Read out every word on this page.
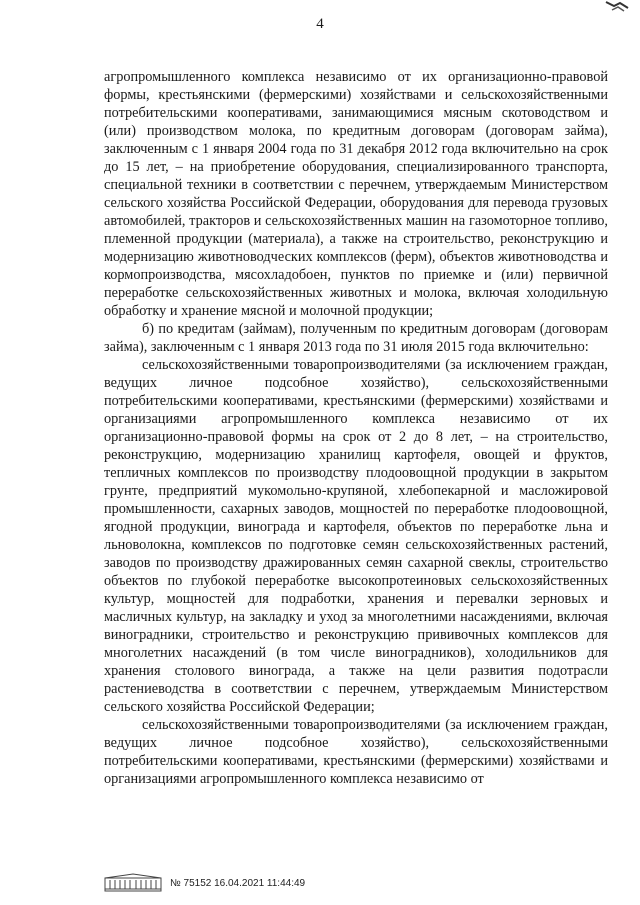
4

агропромышленного комплекса независимо от их организационно-правовой формы, крестьянскими (фермерскими) хозяйствами и сельскохозяйственными потребительскими кооперативами, занимающимися мясным скотоводством и (или) производством молока, по кредитным договорам (договорам займа), заключенным с 1 января 2004 года по 31 декабря 2012 года включительно на срок до 15 лет, – на приобретение оборудования, специализированного транспорта, специальной техники в соответствии с перечнем, утверждаемым Министерством сельского хозяйства Российской Федерации, оборудования для перевода грузовых автомобилей, тракторов и сельскохозяйственных машин на газомоторное топливо, племенной продукции (материала), а также на строительство, реконструкцию и модернизацию животноводческих комплексов (ферм), объектов животноводства и кормопроизводства, мясохладобоен, пунктов по приемке и (или) первичной переработке сельскохозяйственных животных и молока, включая холодильную обработку и хранение мясной и молочной продукции;

б) по кредитам (займам), полученным по кредитным договорам (договорам займа), заключенным с 1 января 2013 года по 31 июля 2015 года включительно:

сельскохозяйственными товаропроизводителями (за исключением граждан, ведущих личное подсобное хозяйство), сельскохозяйственными потребительскими кооперативами, крестьянскими (фермерскими) хозяйствами и организациями агропромышленного комплекса независимо от их организационно-правовой формы на срок от 2 до 8 лет, – на строительство, реконструкцию, модернизацию хранилищ картофеля, овощей и фруктов, тепличных комплексов по производству плодоовощной продукции в закрытом грунте, предприятий мукомольно-крупяной, хлебопекарной и масложировой промышленности, сахарных заводов, мощностей по переработке плодоовощной, ягодной продукции, винограда и картофеля, объектов по переработке льна и льноволокна, комплексов по подготовке семян сельскохозяйственных растений, заводов по производству дражированных семян сахарной свеклы, строительство объектов по глубокой переработке высокопротеиновых сельскохозяйственных культур, мощностей для подработки, хранения и перевалки зерновых и масличных культур, на закладку и уход за многолетними насаждениями, включая виноградники, строительство и реконструкцию прививочных комплексов для многолетних насаждений (в том числе виноградников), холодильников для хранения столового винограда, а также на цели развития подотрасли растениеводства в соответствии с перечнем, утверждаемым Министерством сельского хозяйства Российской Федерации;

сельскохозяйственными товаропроизводителями (за исключением граждан, ведущих личное подсобное хозяйство), сельскохозяйственными потребительскими кооперативами, крестьянскими (фермерскими) хозяйствами и организациями агропромышленного комплекса независимо от

№ 75152 16.04.2021 11:44:49
